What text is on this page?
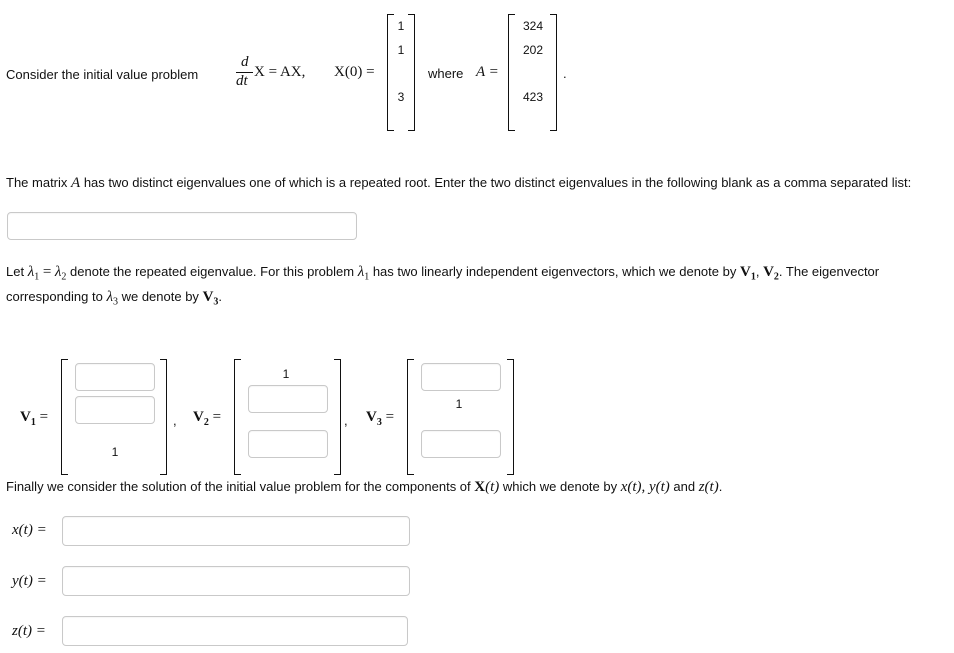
Consider the initial value problem
d
dt
X = AX, X(0) =
1
1
3
where A =
324
202
423
.
The matrix A has two distinct eigenvalues one of which is a repeated root. Enter the two distinct eigenvalues in the following blank as a comma separated list:
Let $\lambda_1 = \lambda_2$ denote the repeated eigenvalue. For this problem $\lambda_1$ has two linearly independent eigenvectors, which we denote by $V_1$, $V_2$. The eigenvector corresponding to $\lambda_3$ we denote by $V_3$.
$V_1$ =
1
, $V_2$ =
1
, $V_3$ =
1
Finally we consider the solution of the initial value problem for the components of X(t) which we denote by x(t), y(t) and z(t).
x(t) =
y(t) =
z(t) =
